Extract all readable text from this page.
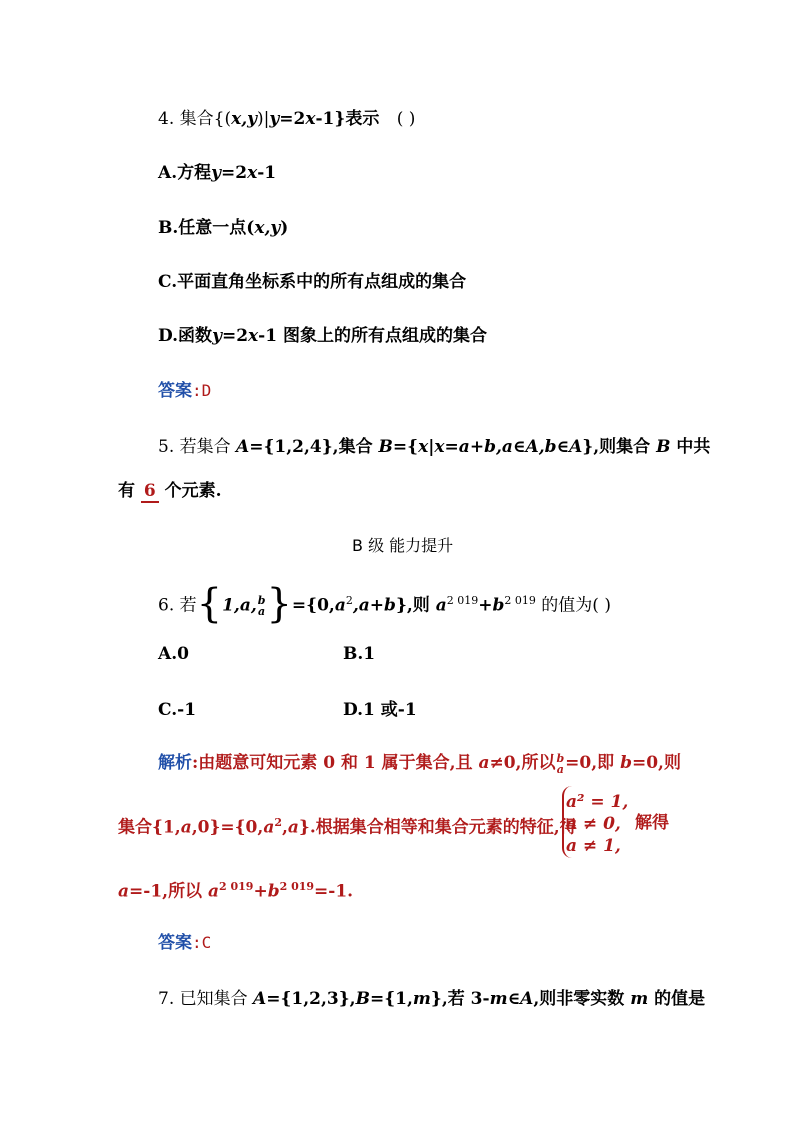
4. 集合{(x,y)|y=2x-1}表示 ( )
A.方程y=2x-1
B.任意一点(x,y)
C.平面直角坐标系中的所有点组成的集合
D.函数y=2x-1 图象上的所有点组成的集合
答案:D
5. 若集合 A={1,2,4},集合 B={x|x=a+b,a∈A,b∈A},则集合 B 中共
有 6 个元素.
B 级 能力提升
6. 若{1,a, b
a }$=\{0,a^2,a+b\}$,则 $a^{2 019}+b^{2 019}$ 的值为( )
A.0	B.1
C.-1	D.1 或-1
解析:由题意可知元素 0 和 1 属于集合,且 a≠0,所以 b
a =0,即 b=0,则
集合$\{1,a,0\}=\{0,a^2,a\}$.根据集合相等和集合元素的特征,得
a² = 1,
a ≠ 0,
a ≠ 1,
解得
a=-1,所以 $a^{2 019}+b^{2 019}=-1$.
答案:C
7. 已知集合 A={1,2,3},B={1,m},若 3-m∈A,则非零实数 m 的值是
